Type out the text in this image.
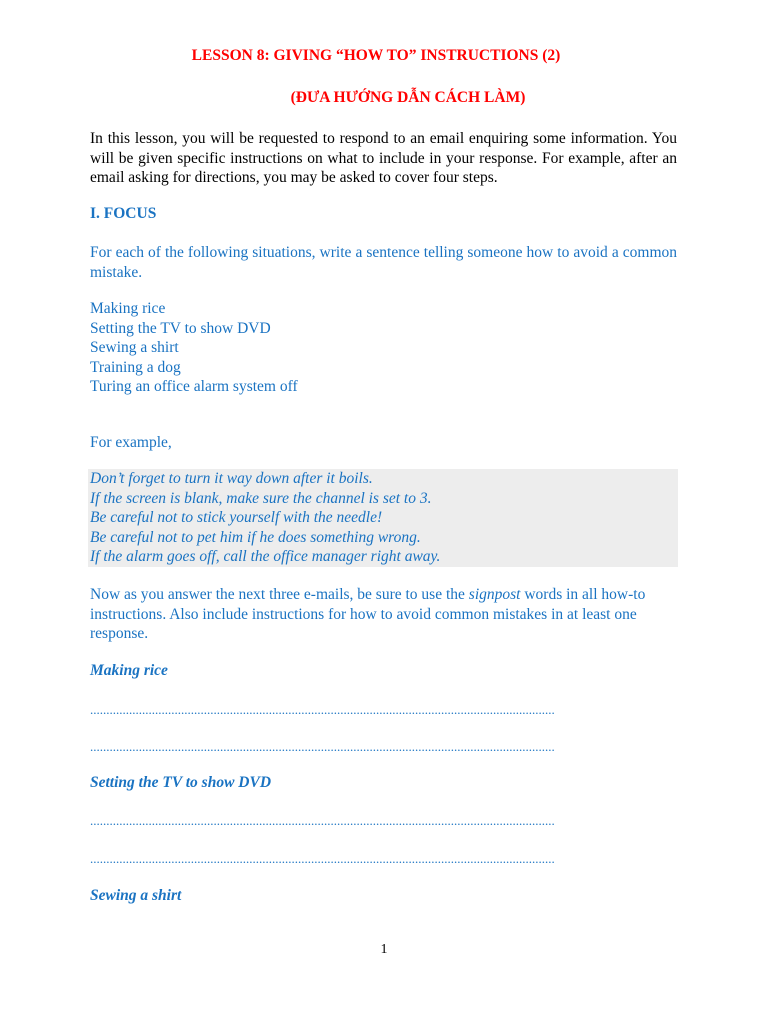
LESSON 8: GIVING “HOW TO” INSTRUCTIONS (2)
(ĐƯA HƯỚNG DẪN CÁCH LÀM)
In this lesson, you will be requested to respond to an email enquiring some information. You will be given specific instructions on what to include in your response. For example, after an email asking for directions, you may be asked to cover four steps.
I. FOCUS
For each of the following situations, write a sentence telling someone how to avoid a common mistake.
Making rice
Setting the TV to show DVD
Sewing a shirt
Training a dog
Turing an office alarm system off
For example,
Don’t forget to turn it way down after it boils.
If the screen is blank, make sure the channel is set to 3.
Be careful not to stick yourself with the needle!
Be careful not to pet him if he does something wrong.
If the alarm goes off, call the office manager right away.
Now as you answer the next three e-mails, be sure to use the signpost words in all how-to instructions. Also include instructions for how to avoid common mistakes in at least one response.
Making rice
...............................................................................................................................................
...............................................................................................................................................
Setting the TV to show DVD
...............................................................................................................................................
...............................................................................................................................................
Sewing a shirt
1
